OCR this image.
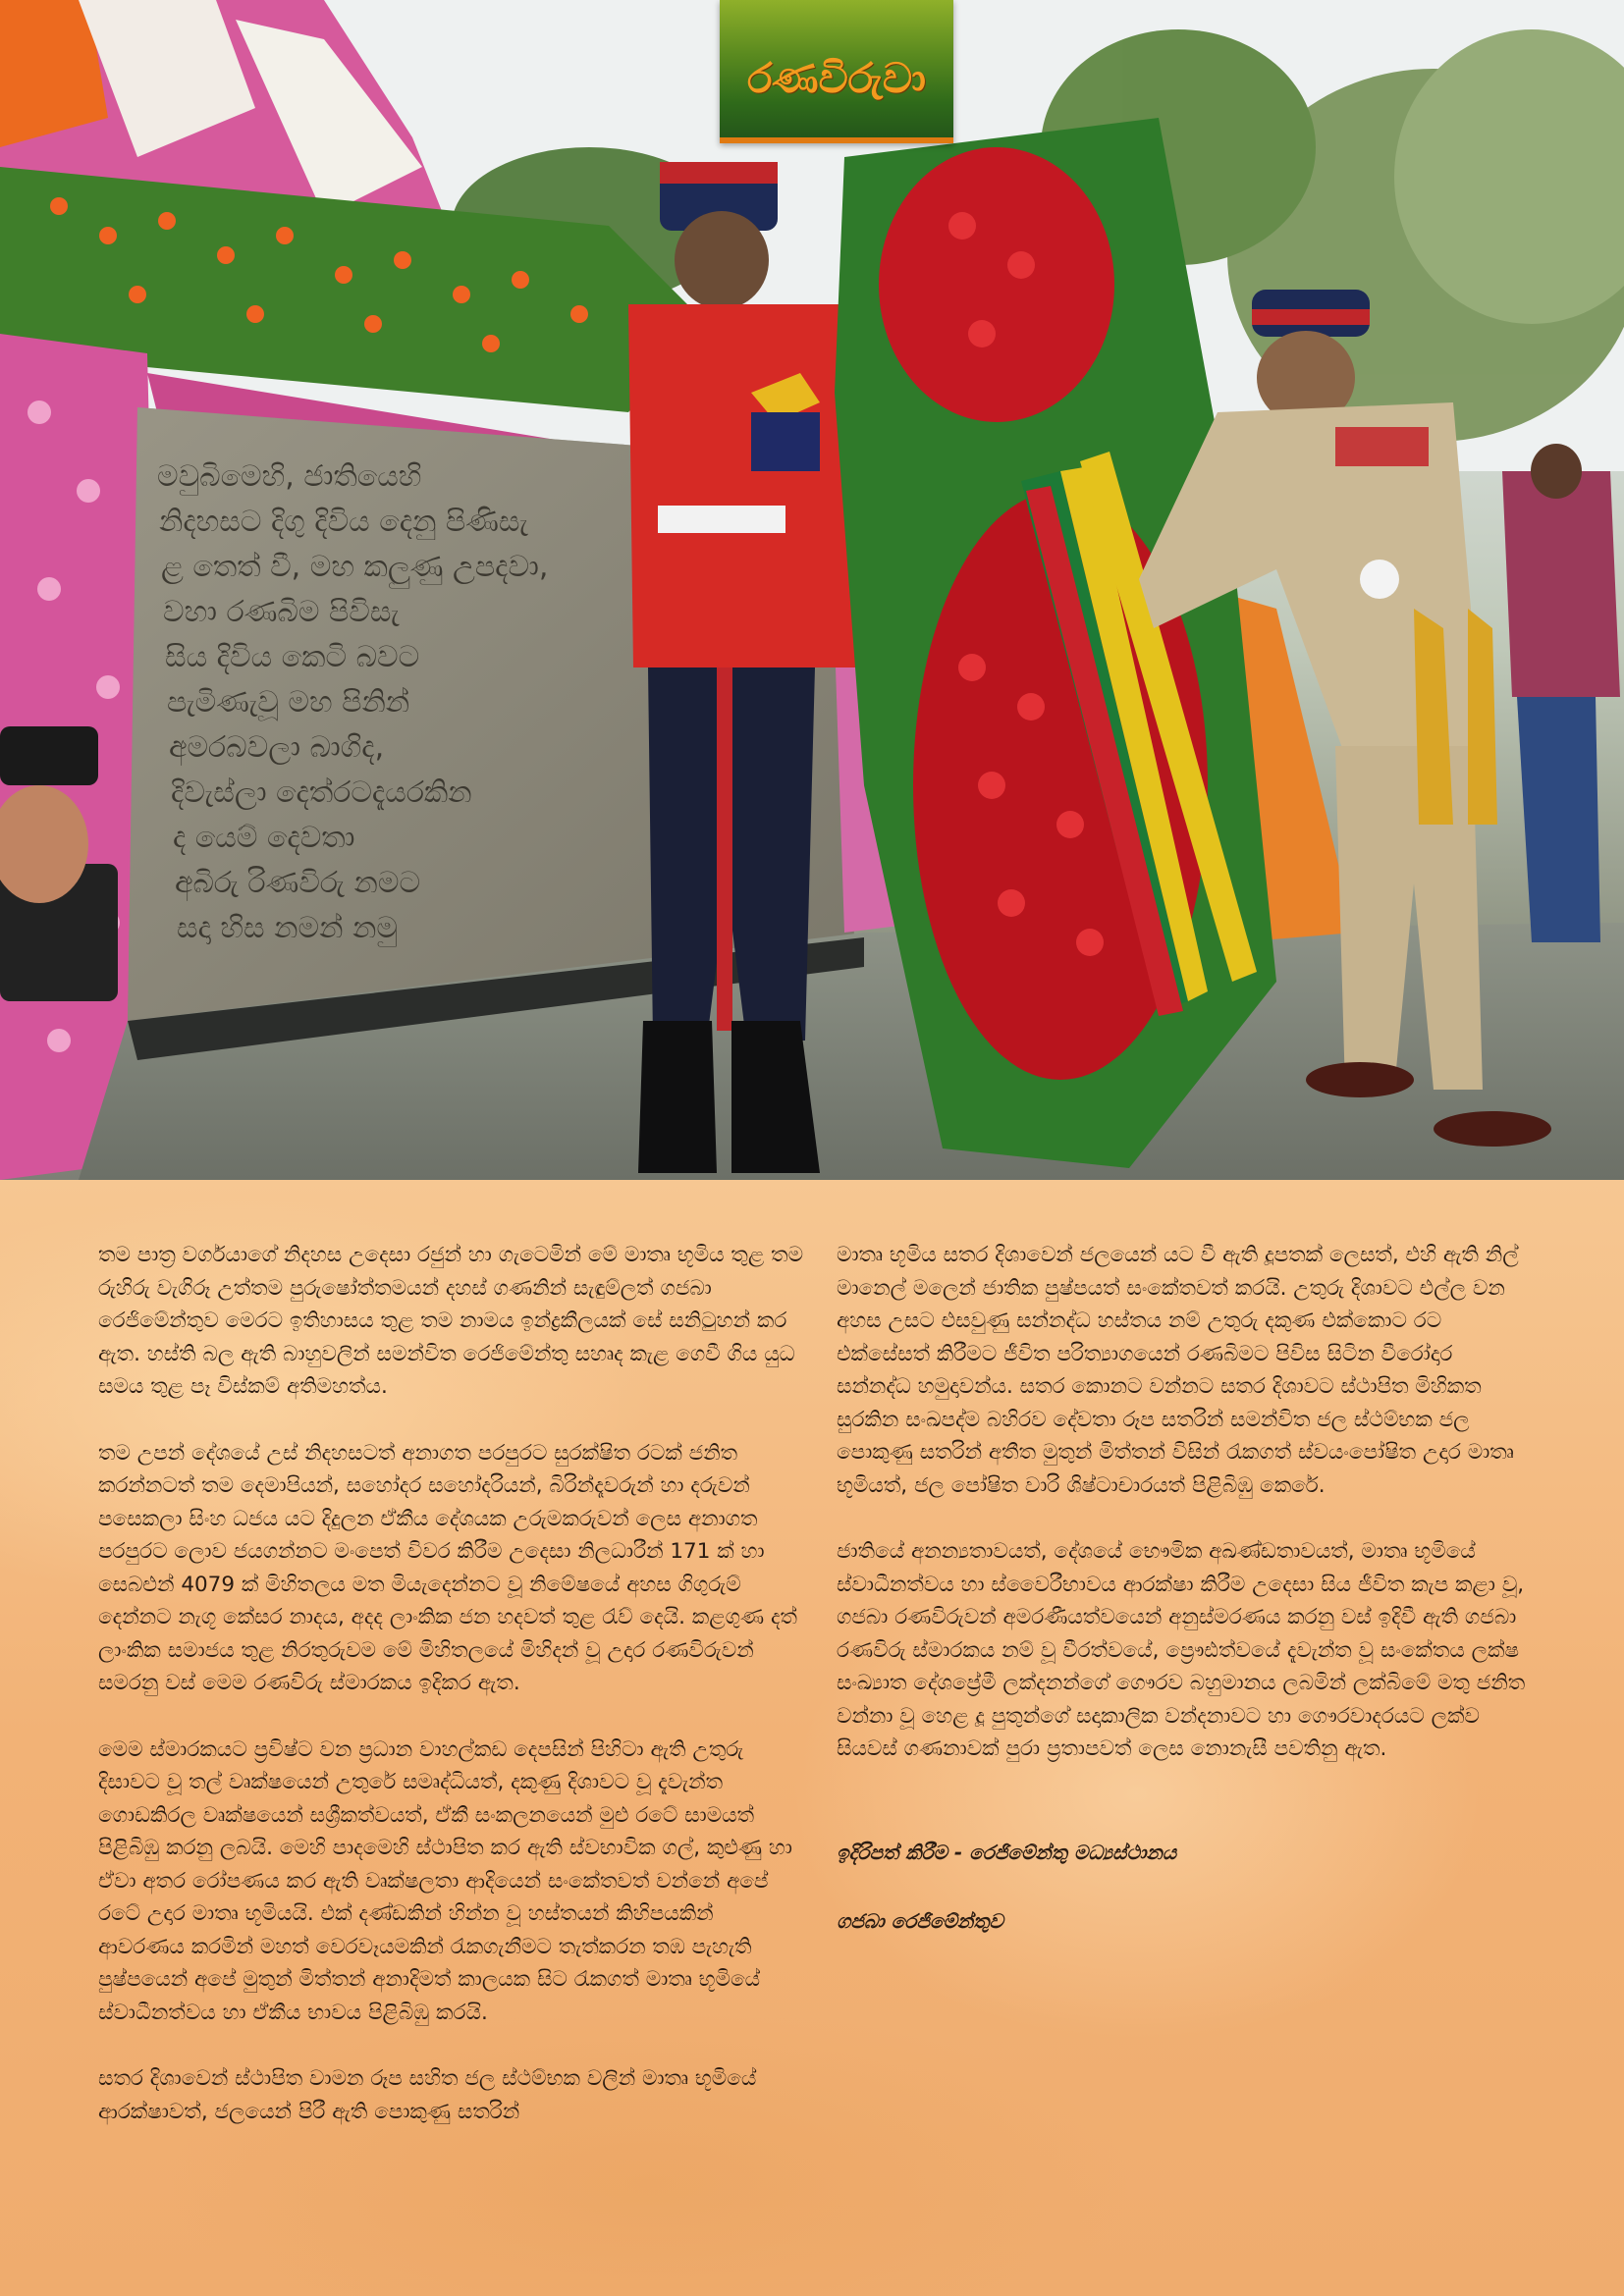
මවුබිමෙහි, ජාතියෙහි
නිදහසට දිගු දිවිය දෙනු පිණිසැ
ළ තෙත් වී, මහ කලුණු උපදවා,
වහා රණබිම පිවිසැ
සිය දිවිය කෙටි බවට
පැමිණැවූ මහ පිනින්
අමරබවලා බාගිද,
දිවැස්ලා දෙත්රටදැයරකින
ද යෙම් දෙවතා
අබිරු රිණවිරු නමට
සදා හිස නමන් නමු
රණවිරුවා

තම පාත්‍ර වර්ගයාගේ නිදහස උදෙසා රජුන් හා ගැටෙමින් මේ මාතෘ භූමිය තුළ තම රුහිරු වැගිරූ උත්තම පුරුෂෝත්තමයන් දහස් ගණනින් සැඳුම්ලත් ගජබා රෙජිමේන්තුව මෙරට ඉතිහාසය තුළ තම නාමය ඉන්ද්‍රකීලයක් සේ සනිටුහන් කර ඇත. හස්ති බල ඇති බාහුවලින් සමන්විත රෙජිමේන්තු සහෘද කැළ ගෙවී ගිය යුධ සමය තුළ පෑ විස්කම් අතිමහත්ය.

තම උපන් දේශයේ උස් නිදහසටත් අනාගත පරපුරට සුරක්ෂිත රටක් ජනිත කරන්නටත් තම දෙමාපියන්, සහෝදර සහෝදරියන්, බිරින්දෑවරුන් හා දරුවන් පසෙකලා සිංහ ධජය යට දිදුලන ඒකීය දේශයක උරුමකරුවන් ලෙස අනාගත පරපුරට ලොව ජයගන්නට මංපෙත් විවර කිරීම උදෙසා නිලධාරීන් 171 ක් හා සෙබළුන් 4079 ක් මිහිතලය මත මියැදෙන්නට වූ නිමේෂයේ අහස ගිගුරුම් දෙන්නට නැගූ කේසර නාදය, අදද ලාංකික ජන හදවත් තුළ රැව් දෙයි. කළගුණ දත් ලාංකික සමාජය තුළ නිරතුරුවම මේ මිහිතලයේ මිහිදන් වූ උදාර රණවිරුවන් සමරනු වස් මෙම රණවිරු ස්මාරකය ඉදිකර ඇත.

මෙම ස්මාරකයට ප්‍රවිෂ්ට වන ප්‍රධාන වාහල්කඩ දෙපසින් පිහිටා ඇති උතුරු දිසාවට වූ තල් වෘක්ෂයෙන් උතුරේ සමෘද්ධියත්, දකුණු දිශාවට වූ දැවැන්ත ගොඩකිරල වෘක්ෂයෙන් සශ්‍රීකත්වයත්, ඒකී සංකලනයෙන් මුළු රටේ සාමයත් පිළිබිඹු කරනු ලබයි. මෙහි පාදමෙහි ස්ථාපිත කර ඇති ස්වභාවික ගල්, කුළුණු හා ඒවා අතර රෝපණය කර ඇති වෘක්ෂලතා ආදියෙන් සංකේතවත් වන්නේ අපේ රටේ උදාර මාතෘ භූමියයි. එක් දණ්ඩකින් හින්න වූ හස්තයන් කිහිපයකින් ආවරණය කරමින් මහත් වෙරවෑයමකින් රැකගැනීමට තැත්කරන තඹ පැහැති පුෂ්පයෙන් අපේ මුතුන් මිත්තන් අනාදිමත් කාලයක සිට රැකගත් මාතෘ භූමියේ ස්වාධීනත්වය හා ඒකීය භාවය පිළිබිඹු කරයි.

සතර දිශාවෙන් ස්ථාපිත වාමන රූප සහිත ජල ස්ථම්භක වලින් මාතෘ භූමියේ ආරක්ෂාවත්, ජලයෙන් පිරී ඇති පොකුණු සතරින්

මාතෘ භූමිය සතර දිශාවෙන් ජලයෙන් යට වී ඇති දූපතක් ලෙසත්, එහි ඇති නිල් මානෙල් මලෙන් ජාතික පුෂ්පයත් සංකේතවත් කරයි. උතුරු දිශාවට එල්ල වන අහස උසට එසවුණු සන්නද්ධ හස්තය නම් උතුරු දකුණ එක්කොට රට එක්සේසත් කිරීමට ජීවිත පරිත්‍යාගයෙන් රණබිමට පිවිස සිටින වීරෝදාර සන්නද්ධ හමුදාවන්ය. සතර කොනට වන්නට සතර දිශාවට ස්ථාපිත මිහිකත සුරකින සංඛපද්ම බහිරව දේවතා රූප සතරින් සමන්විත ජල ස්ථම්භක ජල පොකුණු සතරින් අතීත මුතුන් මිත්තන් විසින් රැකගත් ස්වයංපෝෂිත උදාර මාතෘ භූමියත්, ජල පෝෂිත වාරි ශිෂ්ටාචාරයත් පිළිබිඹු කෙරේ.

ජාතියේ අනන්‍යතාවයත්, දේශයේ භෞමික අඛණ්ඩතාවයත්, මාතෘ භූමියේ ස්වාධීනත්වය හා ස්වෛරීභාවය ආරක්ෂා කිරීම උදෙසා සිය ජීවිත කැප කළා වූ, ගජබා රණවිරුවන් අමරණීයත්වයෙන් අනුස්මරණය කරනු වස් ඉදිවී ඇති ගජබා රණවිරු ස්මාරකය නම් වූ වීරත්වයේ, ප්‍රෞඪත්වයේ දැවැන්ත වූ සංකේතය ලක්ෂ සංඛ්‍යාත දේශප්‍රේමී ලක්දනන්ගේ ගෞරව බහුමානය ලබමින් ලක්බිමේ මතු ජනිත වන්නා වූ හෙළ දූ පුතුන්ගේ සදාකාලික වන්දනාවට හා ගෞරවාදරයට ලක්ව සියවස් ගණනාවක් පුරා ප්‍රතාපවත් ලෙස නොනැසී පවතිනු ඇත.

ඉදිරිපත් කිරීම - රෙජිමේන්තු මධ්‍යස්ථානය

ගජබා රෙජිමේන්තුව
